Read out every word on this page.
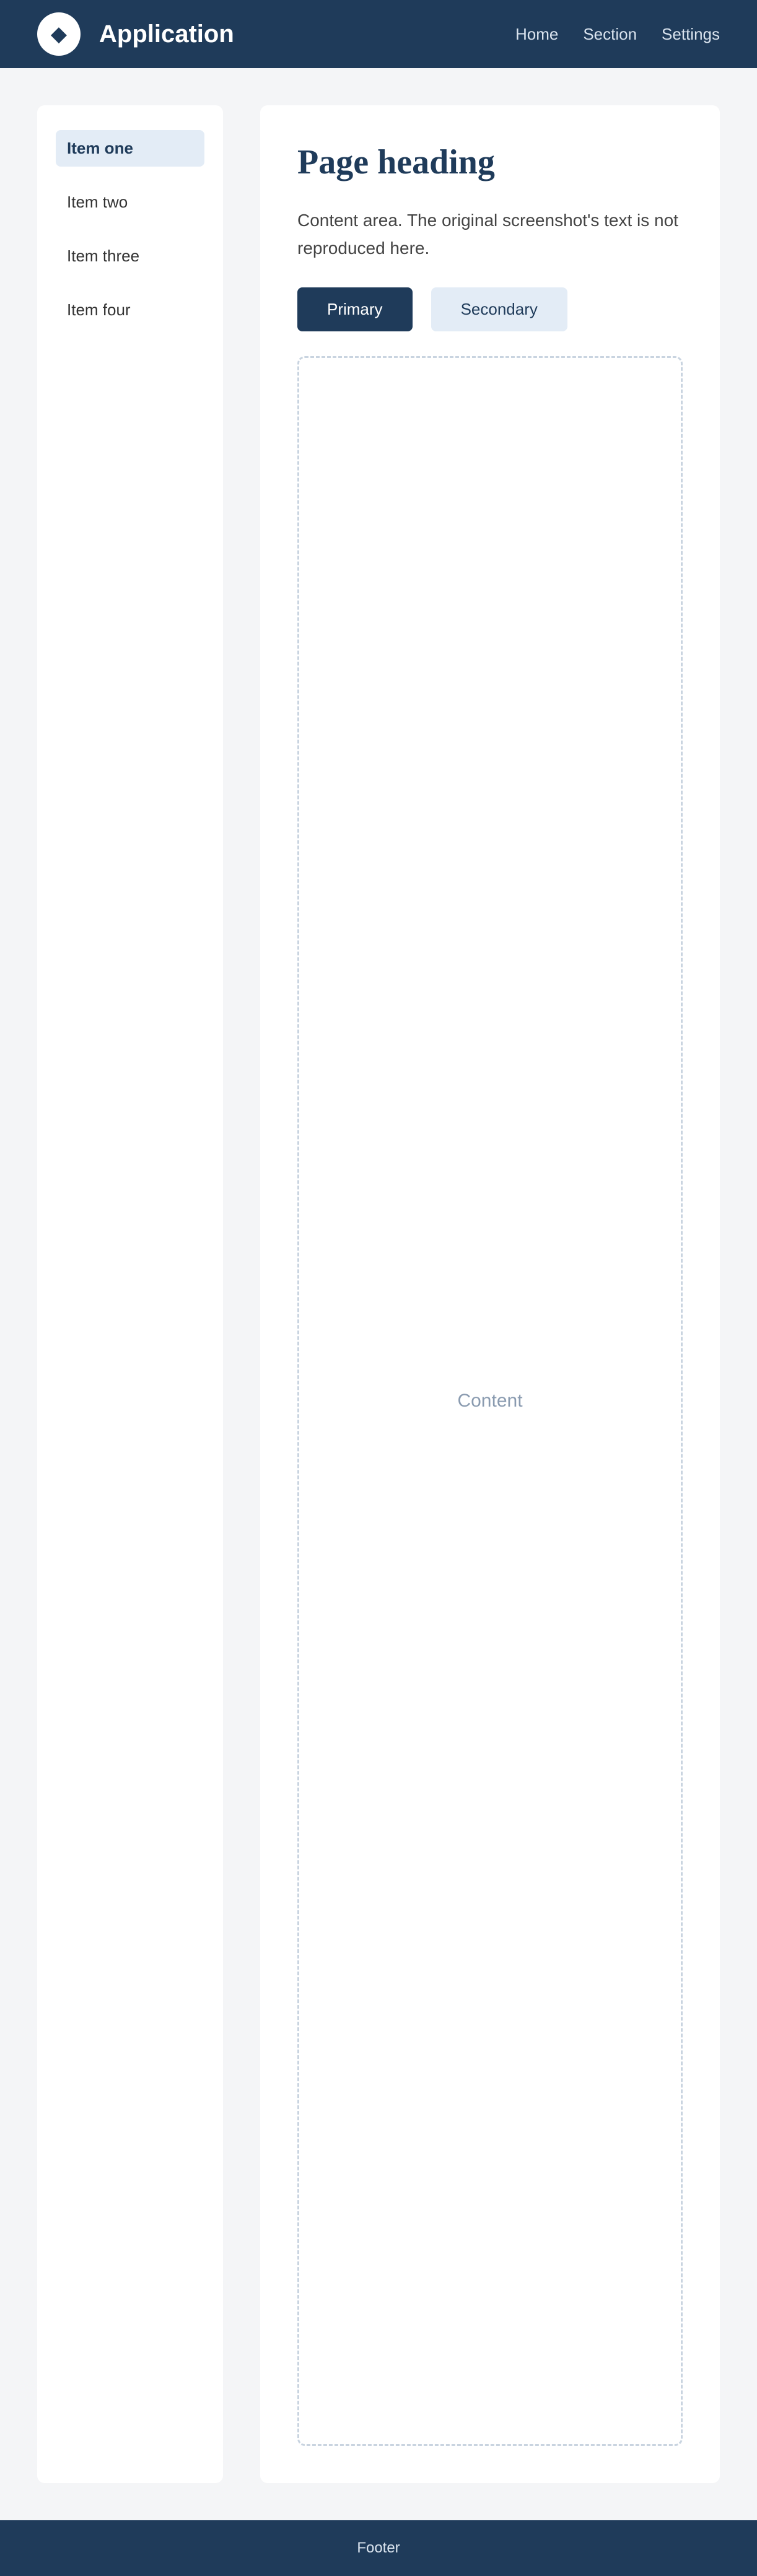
◆	Application	Home Section Settings
Item one
Item two
Item three
Item four
Page heading

Content area. The original screenshot's text is not reproduced here.

Primary	Secondary
Content
Footer
